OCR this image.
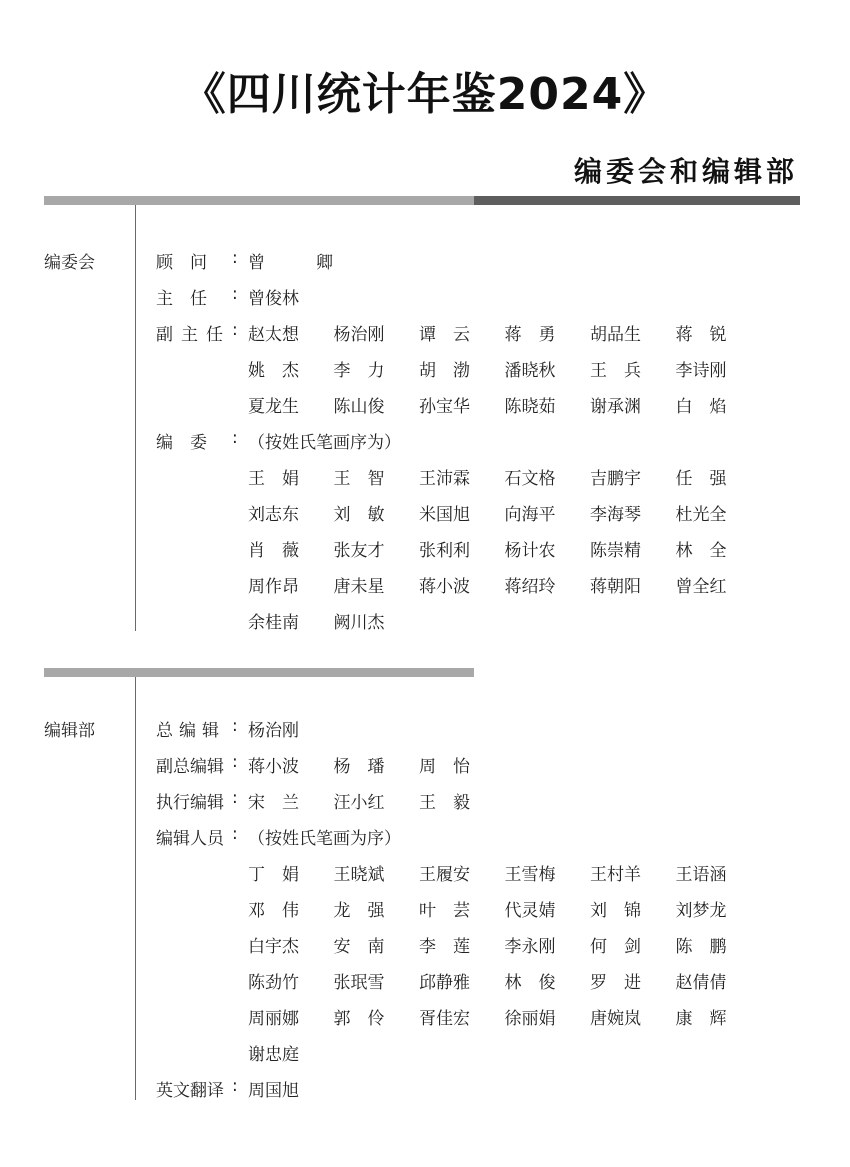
《四川统计年鉴2024》
编委会和编辑部
编委会	顾　问 : 曾　卿
主　任 : 曾俊林
副主任 : 赵太想	杨治刚	谭　云	蒋　勇	胡品生	蒋　锐
姚　杰	李　力	胡　渤	潘晓秋	王　兵	李诗刚
夏龙生	陈山俊	孙宝华	陈晓茹	谢承渊	白　焰
编　委 : （按姓氏笔画序为）
王　娟	王　智	王沛霖	石文格	吉鹏宇	任　强
刘志东	刘　敏	米国旭	向海平	李海琴	杜光全
肖　薇	张友才	张利利	杨计农	陈崇精	林　全
周作昂	唐未星	蒋小波	蒋绍玲	蒋朝阳	曾全红
余桂南	阙川杰
编辑部	总编辑 : 杨治刚
副总编辑 : 蒋小波	杨　璠	周　怡
执行编辑 : 宋　兰	汪小红	王　毅
编辑人员 : （按姓氏笔画为序）
丁　娟	王晓斌	王履安	王雪梅	王村羊	王语涵
邓　伟	龙　强	叶　芸	代灵婧	刘　锦	刘梦龙
白宇杰	安　南	李　莲	李永刚	何　剑	陈　鹏
陈劲竹	张珉雪	邱静雅	林　俊	罗　进	赵倩倩
周丽娜	郭　伶	胥佳宏	徐丽娟	唐婉岚	康　辉
谢忠庭
英文翻译 : 周国旭
